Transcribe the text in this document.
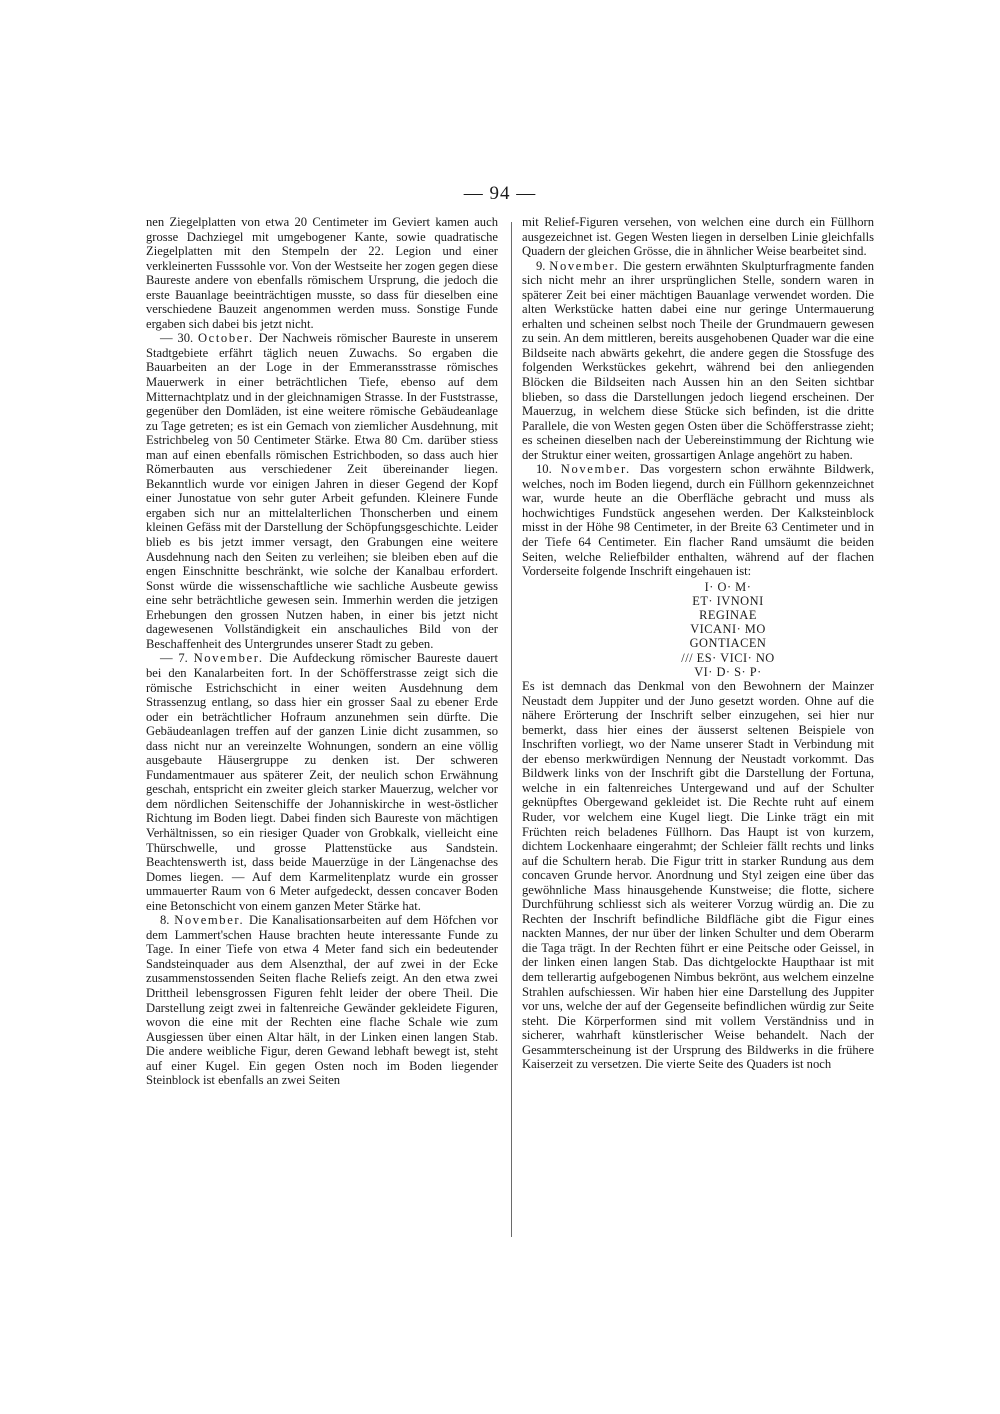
— 94 —

nen Ziegelplatten von etwa 20 Centimeter im Geviert kamen auch grosse Dachziegel mit umgebogener Kante, sowie quadratische Ziegelplatten mit den Stempeln der 22. Legion und einer verkleinerten Fusssohle vor. Von der Westseite her zogen gegen diese Baureste andere von ebenfalls römischem Ursprung, die jedoch die erste Bauanlage beeinträchtigen musste, so dass für dieselben eine verschiedene Bauzeit angenommen werden muss. Sonstige Funde ergaben sich dabei bis jetzt nicht.

— 30. October. Der Nachweis römischer Baureste in unserem Stadtgebiete erfährt täglich neuen Zuwachs. So ergaben die Bauarbeiten an der Loge in der Emmeransstrasse römisches Mauerwerk in einer beträchtlichen Tiefe, ebenso auf dem Mitternachtplatz und in der gleichnamigen Strasse. In der Fuststrasse, gegenüber den Domläden, ist eine weitere römische Gebäudeanlage zu Tage getreten; es ist ein Gemach von ziemlicher Ausdehnung, mit Estrichbeleg von 50 Centimeter Stärke. Etwa 80 Cm. darüber stiess man auf einen ebenfalls römischen Estrichboden, so dass auch hier Römerbauten aus verschiedener Zeit übereinander liegen. Bekanntlich wurde vor einigen Jahren in dieser Gegend der Kopf einer Junostatue von sehr guter Arbeit gefunden. Kleinere Funde ergaben sich nur an mittelalterlichen Thonscherben und einem kleinen Gefäss mit der Darstellung der Schöpfungsgeschichte. Leider blieb es bis jetzt immer versagt, den Grabungen eine weitere Ausdehnung nach den Seiten zu verleihen; sie bleiben eben auf die engen Einschnitte beschränkt, wie solche der Kanalbau erfordert. Sonst würde die wissenschaftliche wie sachliche Ausbeute gewiss eine sehr beträchtliche gewesen sein. Immerhin werden die jetzigen Erhebungen den grossen Nutzen haben, in einer bis jetzt nicht dagewesenen Vollständigkeit ein anschauliches Bild von der Beschaffenheit des Untergrundes unserer Stadt zu geben.

— 7. November. Die Aufdeckung römischer Baureste dauert bei den Kanalarbeiten fort. In der Schöfferstrasse zeigt sich die römische Estrichschicht in einer weiten Ausdehnung dem Strassenzug entlang, so dass hier ein grosser Saal zu ebener Erde oder ein beträchtlicher Hofraum anzunehmen sein dürfte. Die Gebäudeanlagen treffen auf der ganzen Linie dicht zusammen, so dass nicht nur an vereinzelte Wohnungen, sondern an eine völlig ausgebaute Häusergruppe zu denken ist. Der schweren Fundamentmauer aus späterer Zeit, der neulich schon Erwähnung geschah, entspricht ein zweiter gleich starker Mauerzug, welcher vor dem nördlichen Seitenschiffe der Johanniskirche in west-östlicher Richtung im Boden liegt. Dabei finden sich Baureste von mächtigen Verhältnissen, so ein riesiger Quader von Grobkalk, vielleicht eine Thürschwelle, und grosse Plattenstücke aus Sandstein. Beachtenswerth ist, dass beide Mauerzüge in der Längenachse des Domes liegen. — Auf dem Karmelitenplatz wurde ein grosser ummauerter Raum von 6 Meter aufgedeckt, dessen concaver Boden eine Betonschicht von einem ganzen Meter Stärke hat.

8. November. Die Kanalisationsarbeiten auf dem Höfchen vor dem Lammert'schen Hause brachten heute interessante Funde zu Tage. In einer Tiefe von etwa 4 Meter fand sich ein bedeutender Sandsteinquader aus dem Alsenzthal, der auf zwei in der Ecke zusammenstossenden Seiten flache Reliefs zeigt. An den etwa zwei Drittheil lebensgrossen Figuren fehlt leider der obere Theil. Die Darstellung zeigt zwei in faltenreiche Gewänder gekleidete Figuren, wovon die eine mit der Rechten eine flache Schale wie zum Ausgiessen über einen Altar hält, in der Linken einen langen Stab. Die andere weibliche Figur, deren Gewand lebhaft bewegt ist, steht auf einer Kugel. Ein gegen Osten noch im Boden liegender Steinblock ist ebenfalls an zwei Seiten

mit Relief-Figuren versehen, von welchen eine durch ein Füllhorn ausgezeichnet ist. Gegen Westen liegen in derselben Linie gleichfalls Quadern der gleichen Grösse, die in ähnlicher Weise bearbeitet sind.

9. November. Die gestern erwähnten Skulpturfragmente fanden sich nicht mehr an ihrer ursprünglichen Stelle, sondern waren in späterer Zeit bei einer mächtigen Bauanlage verwendet worden. Die alten Werkstücke hatten dabei eine nur geringe Untermauerung erhalten und scheinen selbst noch Theile der Grundmauern gewesen zu sein. An dem mittleren, bereits ausgehobenen Quader war die eine Bildseite nach abwärts gekehrt, die andere gegen die Stossfuge des folgenden Werkstückes gekehrt, während bei den anliegenden Blöcken die Bildseiten nach Aussen hin an den Seiten sichtbar blieben, so dass die Darstellungen jedoch liegend erscheinen. Der Mauerzug, in welchem diese Stücke sich befinden, ist die dritte Parallele, die von Westen gegen Osten über die Schöfferstrasse zieht; es scheinen dieselben nach der Uebereinstimmung der Richtung wie der Struktur einer weiten, grossartigen Anlage angehört zu haben.

10. November. Das vorgestern schon erwähnte Bildwerk, welches, noch im Boden liegend, durch ein Füllhorn gekennzeichnet war, wurde heute an die Oberfläche gebracht und muss als hochwichtiges Fundstück angesehen werden. Der Kalksteinblock misst in der Höhe 98 Centimeter, in der Breite 63 Centimeter und in der Tiefe 64 Centimeter. Ein flacher Rand umsäumt die beiden Seiten, welche Reliefbilder enthalten, während auf der flachen Vorderseite folgende Inschrift eingehauen ist:

I· O· M·
ET· IVNONI
REGINAE
VICANI· MO
GONTIACEN
/// ES· VICI· NO
VI· D· S· P·

Es ist demnach das Denkmal von den Bewohnern der Mainzer Neustadt dem Juppiter und der Juno gesetzt worden. Ohne auf die nähere Erörterung der Inschrift selber einzugehen, sei hier nur bemerkt, dass hier eines der äusserst seltenen Beispiele von Inschriften vorliegt, wo der Name unserer Stadt in Verbindung mit der ebenso merkwürdigen Nennung der Neustadt vorkommt. Das Bildwerk links von der Inschrift gibt die Darstellung der Fortuna, welche in ein faltenreiches Untergewand und auf der Schulter geknüpftes Obergewand gekleidet ist. Die Rechte ruht auf einem Ruder, vor welchem eine Kugel liegt. Die Linke trägt ein mit Früchten reich beladenes Füllhorn. Das Haupt ist von kurzem, dichtem Lockenhaare eingerahmt; der Schleier fällt rechts und links auf die Schultern herab. Die Figur tritt in starker Rundung aus dem concaven Grunde hervor. Anordnung und Styl zeigen eine über das gewöhnliche Mass hinausgehende Kunstweise; die flotte, sichere Durchführung schliesst sich als weiterer Vorzug würdig an. Die zu Rechten der Inschrift befindliche Bildfläche gibt die Figur eines nackten Mannes, der nur über der linken Schulter und dem Oberarm die Taga trägt. In der Rechten führt er eine Peitsche oder Geissel, in der linken einen langen Stab. Das dichtgelockte Haupthaar ist mit dem tellerartig aufgebogenen Nimbus bekrönt, aus welchem einzelne Strahlen aufschiessen. Wir haben hier eine Darstellung des Juppiter vor uns, welche der auf der Gegenseite befindlichen würdig zur Seite steht. Die Körperformen sind mit vollem Verständniss und in sicherer, wahrhaft künstlerischer Weise behandelt. Nach der Gesammterscheinung ist der Ursprung des Bildwerks in die frühere Kaiserzeit zu versetzen. Die vierte Seite des Quaders ist noch
